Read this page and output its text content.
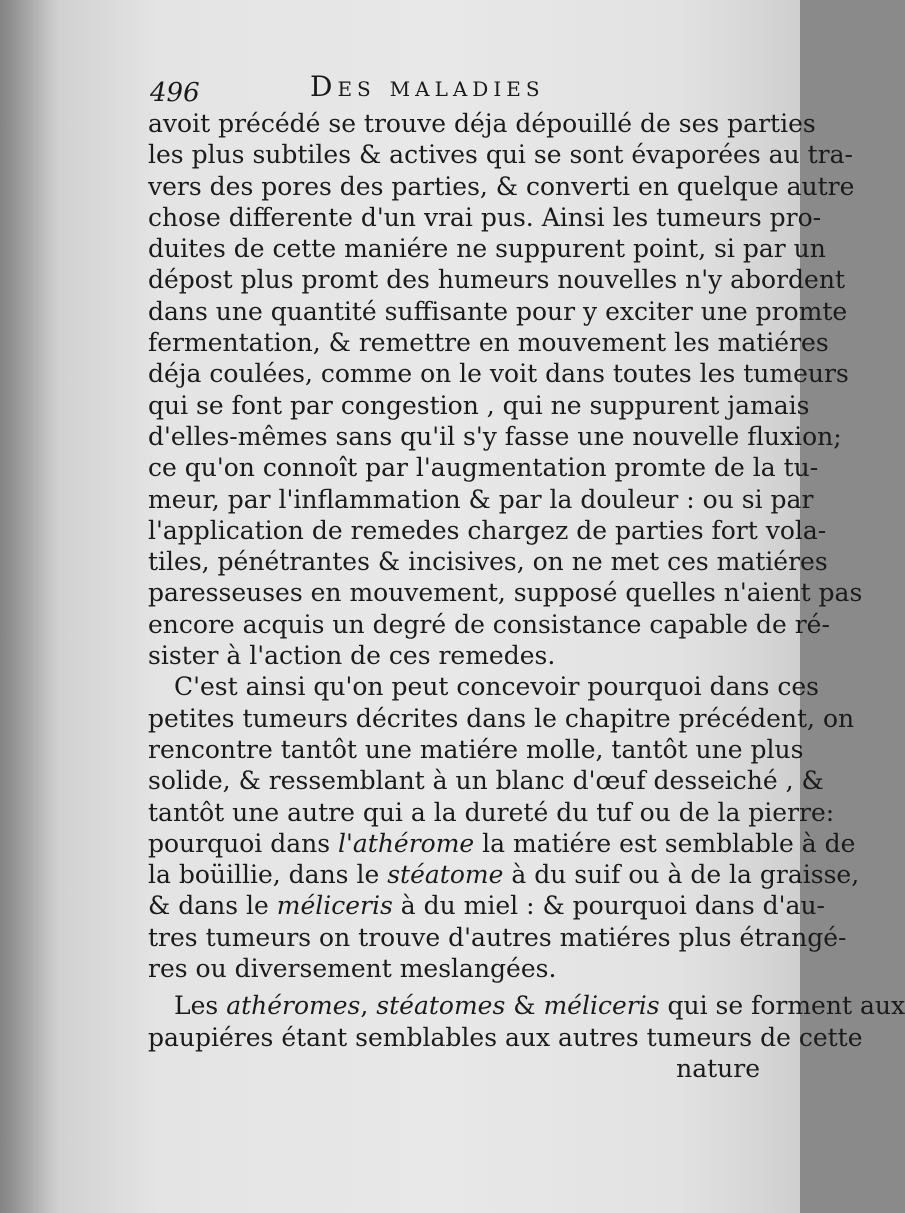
496	Des maladies
avoit précédé se trouve déja dépouillé de ses parties
les plus subtiles & actives qui se sont évaporées au tra-
vers des pores des parties, & converti en quelque autre
chose differente d'un vrai pus. Ainsi les tumeurs pro-
duites de cette maniére ne suppurent point, si par un
dépost plus promt des humeurs nouvelles n'y abordent
dans une quantité suffisante pour y exciter une promte
fermentation, & remettre en mouvement les matiéres
déja coulées, comme on le voit dans toutes les tumeurs
qui se font par congestion , qui ne suppurent jamais
d'elles-mêmes sans qu'il s'y fasse une nouvelle fluxion;
ce qu'on connoît par l'augmentation promte de la tu-
meur, par l'inflammation & par la douleur : ou si par
l'application de remedes chargez de parties fort vola-
tiles, pénétrantes & incisives, on ne met ces matiéres
paresseuses en mouvement, supposé quelles n'aient pas
encore acquis un degré de consistance capable de ré-
sister à l'action de ces remedes.
C'est ainsi qu'on peut concevoir pourquoi dans ces
petites tumeurs décrites dans le chapitre précédent, on
rencontre tantôt une matiére molle, tantôt une plus
solide, & ressemblant à un blanc d'œuf desseiché , &
tantôt une autre qui a la dureté du tuf ou de la pierre:
pourquoi dans l'athérome la matiére est semblable à de
la boüillie, dans le stéatome à du suif ou à de la graisse,
& dans le méliceris à du miel : & pourquoi dans d'au-
tres tumeurs on trouve d'autres matiéres plus étrangé-
res ou diversement meslangées.
Les athéromes, stéatomes & méliceris qui se forment aux
paupiéres étant semblables aux autres tumeurs de cette
nature
